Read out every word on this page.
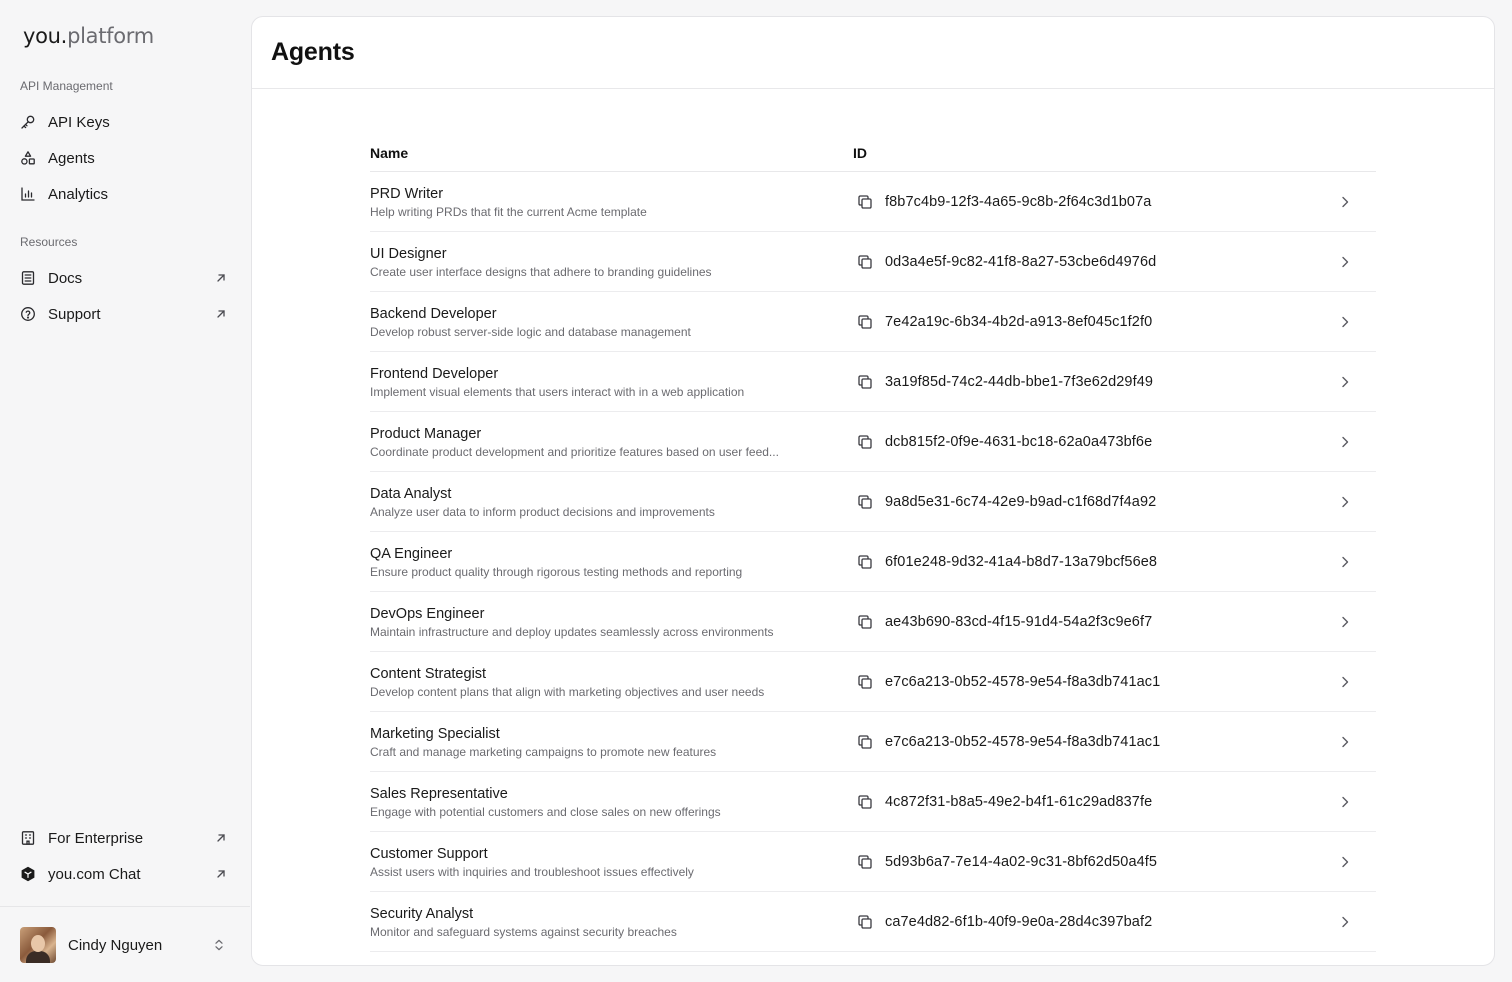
you.platform
API Management
API Keys
Agents
Analytics
Resources
Docs
Support
For Enterprise
you.com Chat
Cindy Nguyen
Agents
Name	ID
PRD Writer
Help writing PRDs that fit the current Acme template
f8b7c4b9-12f3-4a65-9c8b-2f64c3d1b07a
UI Designer
Create user interface designs that adhere to branding guidelines
0d3a4e5f-9c82-41f8-8a27-53cbe6d4976d
Backend Developer
Develop robust server-side logic and database management
7e42a19c-6b34-4b2d-a913-8ef045c1f2f0
Frontend Developer
Implement visual elements that users interact with in a web application
3a19f85d-74c2-44db-bbe1-7f3e62d29f49
Product Manager
Coordinate product development and prioritize features based on user feed...
dcb815f2-0f9e-4631-bc18-62a0a473bf6e
Data Analyst
Analyze user data to inform product decisions and improvements
9a8d5e31-6c74-42e9-b9ad-c1f68d7f4a92
QA Engineer
Ensure product quality through rigorous testing methods and reporting
6f01e248-9d32-41a4-b8d7-13a79bcf56e8
DevOps Engineer
Maintain infrastructure and deploy updates seamlessly across environments
ae43b690-83cd-4f15-91d4-54a2f3c9e6f7
Content Strategist
Develop content plans that align with marketing objectives and user needs
e7c6a213-0b52-4578-9e54-f8a3db741ac1
Marketing Specialist
Craft and manage marketing campaigns to promote new features
e7c6a213-0b52-4578-9e54-f8a3db741ac1
Sales Representative
Engage with potential customers and close sales on new offerings
4c872f31-b8a5-49e2-b4f1-61c29ad837fe
Customer Support
Assist users with inquiries and troubleshoot issues effectively
5d93b6a7-7e14-4a02-9c31-8bf62d50a4f5
Security Analyst
Monitor and safeguard systems against security breaches
ca7e4d82-6f1b-40f9-9e0a-28d4c397baf2
